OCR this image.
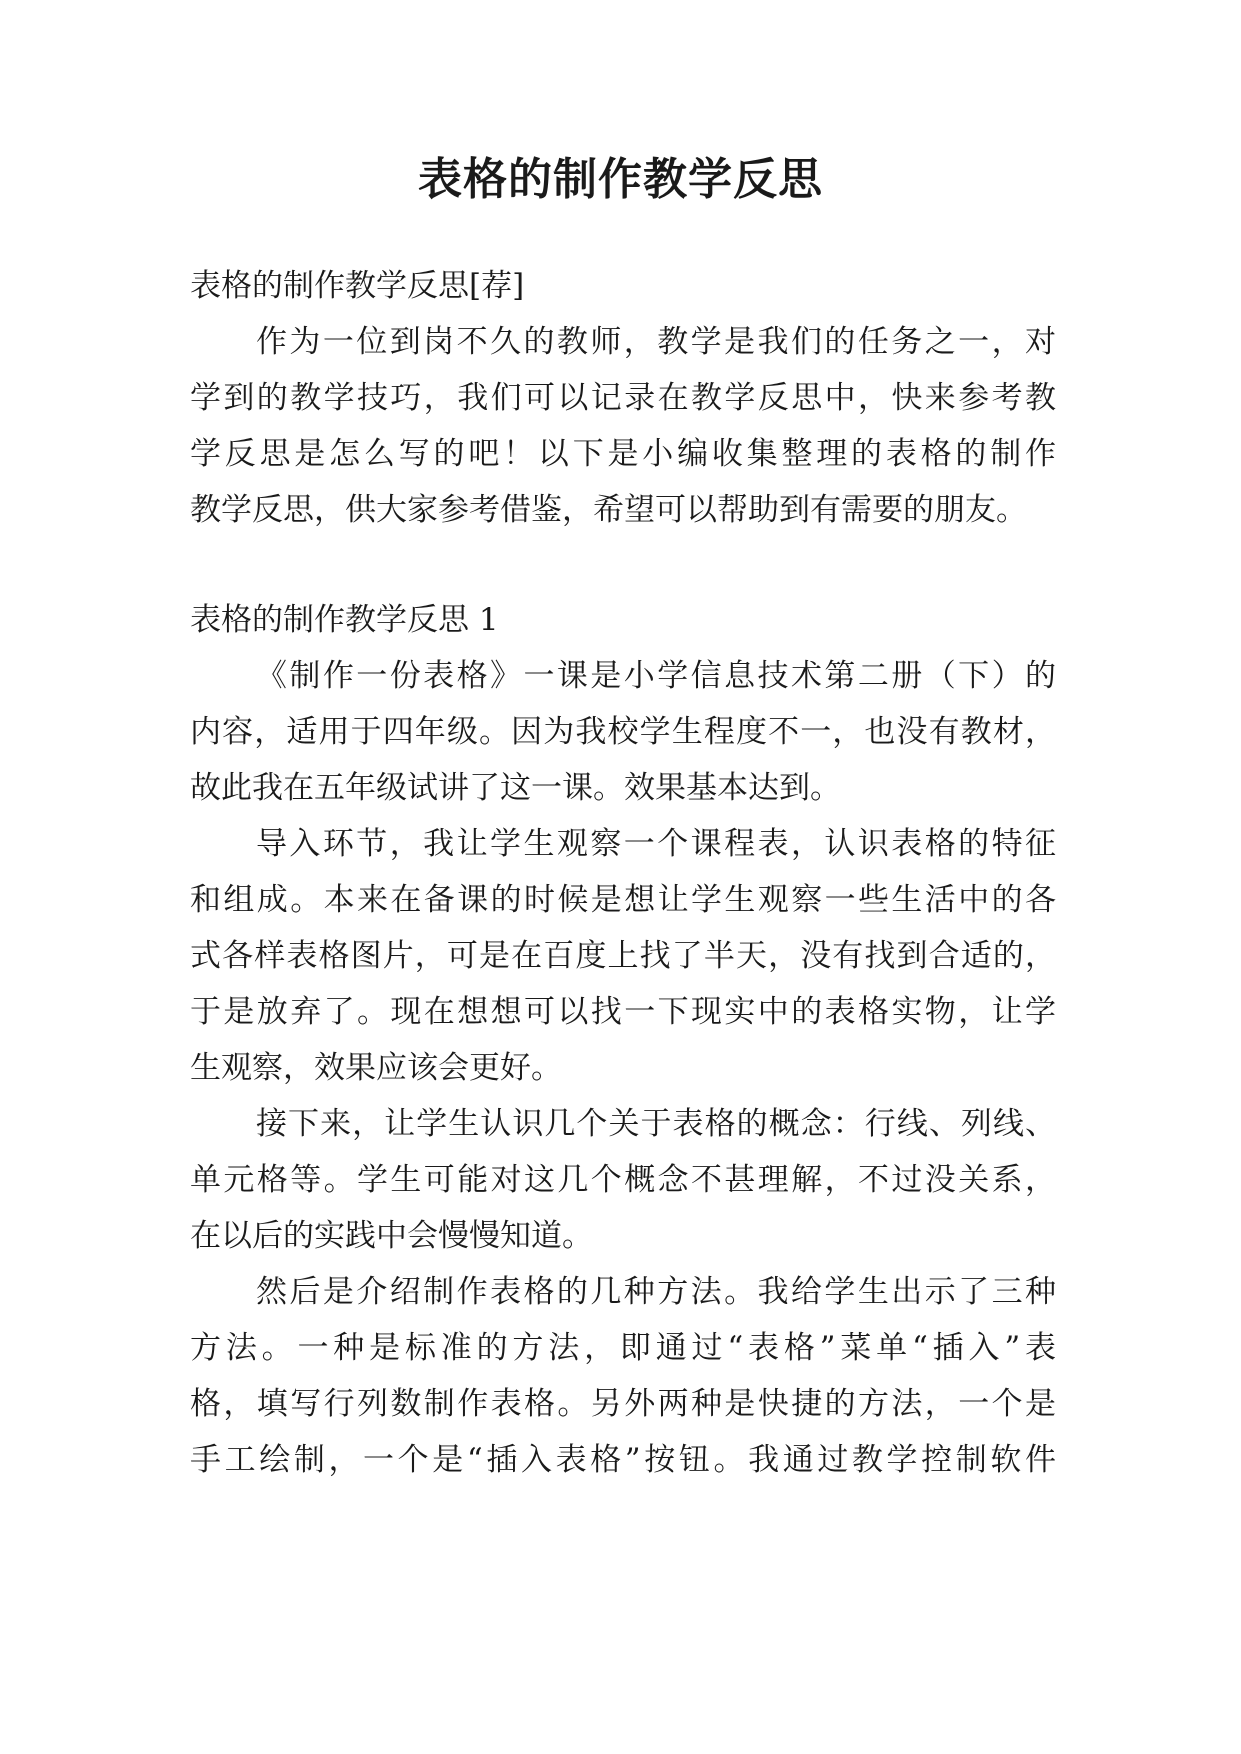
表格的制作教学反思

表格的制作教学反思[荐]

作为一位到岗不久的教师，教学是我们的任务之一，对

学到的教学技巧，我们可以记录在教学反思中，快来参考教

学反思是怎么写的吧！以下是小编收集整理的表格的制作

教学反思，供大家参考借鉴，希望可以帮助到有需要的朋友。

表格的制作教学反思 1

《制作一份表格》一课是小学信息技术第二册（下）的

内容，适用于四年级。因为我校学生程度不一，也没有教材，

故此我在五年级试讲了这一课。效果基本达到。

导入环节，我让学生观察一个课程表，认识表格的特征

和组成。本来在备课的时候是想让学生观察一些生活中的各

式各样表格图片，可是在百度上找了半天，没有找到合适的，

于是放弃了。现在想想可以找一下现实中的表格实物，让学

生观察，效果应该会更好。

接下来，让学生认识几个关于表格的概念：行线、列线、

单元格等。学生可能对这几个概念不甚理解，不过没关系，

在以后的实践中会慢慢知道。

然后是介绍制作表格的几种方法。我给学生出示了三种

方法。一种是标准的方法，即通过“表格”菜单“插入”表

格，填写行列数制作表格。另外两种是快捷的方法，一个是

手工绘制，一个是“插入表格”按钮。我通过教学控制软件
